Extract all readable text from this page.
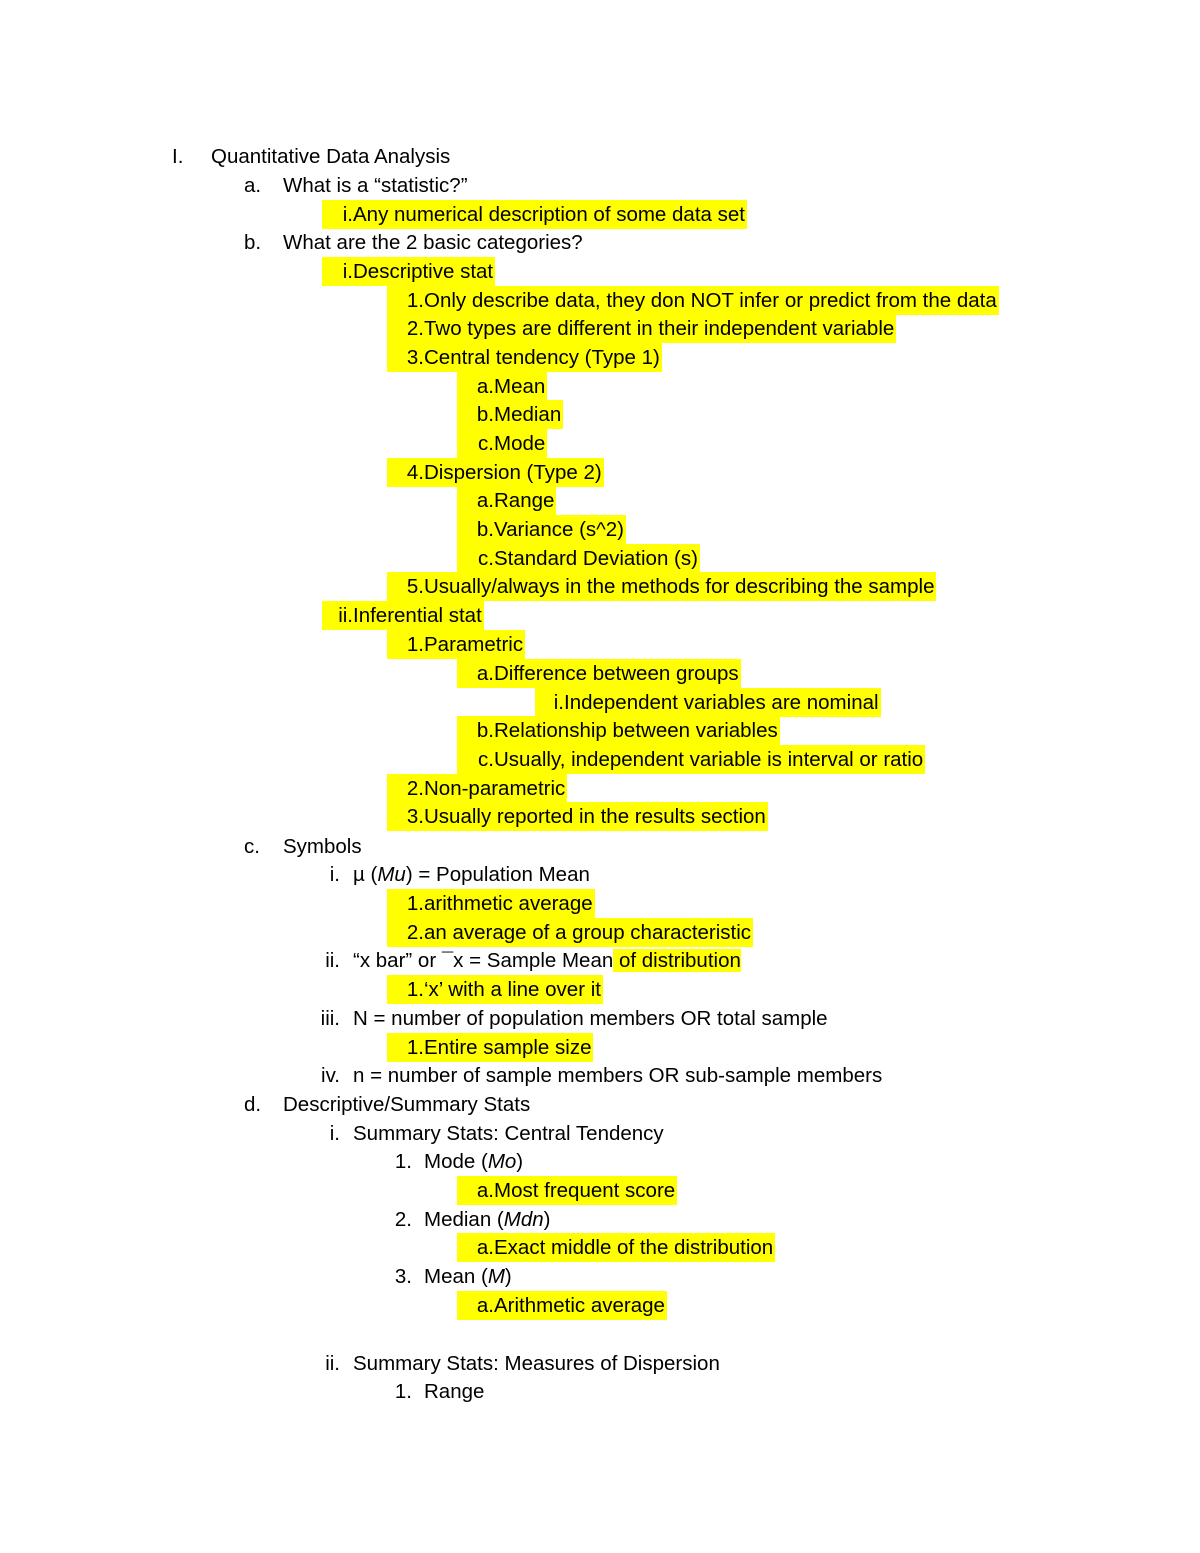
I. Quantitative Data Analysis
a. What is a “statistic?”
i. Any numerical description of some data set
b. What are the 2 basic categories?
i. Descriptive stat
1. Only describe data, they don NOT infer or predict from the data
2. Two types are different in their independent variable
3. Central tendency (Type 1)
a. Mean
b. Median
c. Mode
4. Dispersion (Type 2)
a. Range
b. Variance (s^2)
c. Standard Deviation (s)
5. Usually/always in the methods for describing the sample
ii. Inferential stat
1. Parametric
a. Difference between groups
i. Independent variables are nominal
b. Relationship between variables
c. Usually, independent variable is interval or ratio
2. Non-parametric
3. Usually reported in the results section
c. Symbols
i. µ (Mu) = Population Mean
1. arithmetic average
2. an average of a group characteristic
ii. “x bar” or ¯x = Sample Mean of distribution
1. ‘x’ with a line over it
iii. N = number of population members OR total sample
1. Entire sample size
iv. n = number of sample members OR sub-sample members
d. Descriptive/Summary Stats
i. Summary Stats: Central Tendency
1. Mode (Mo)
a. Most frequent score
2. Median (Mdn)
a. Exact middle of the distribution
3. Mean (M)
a. Arithmetic average
ii. Summary Stats: Measures of Dispersion
1. Range
